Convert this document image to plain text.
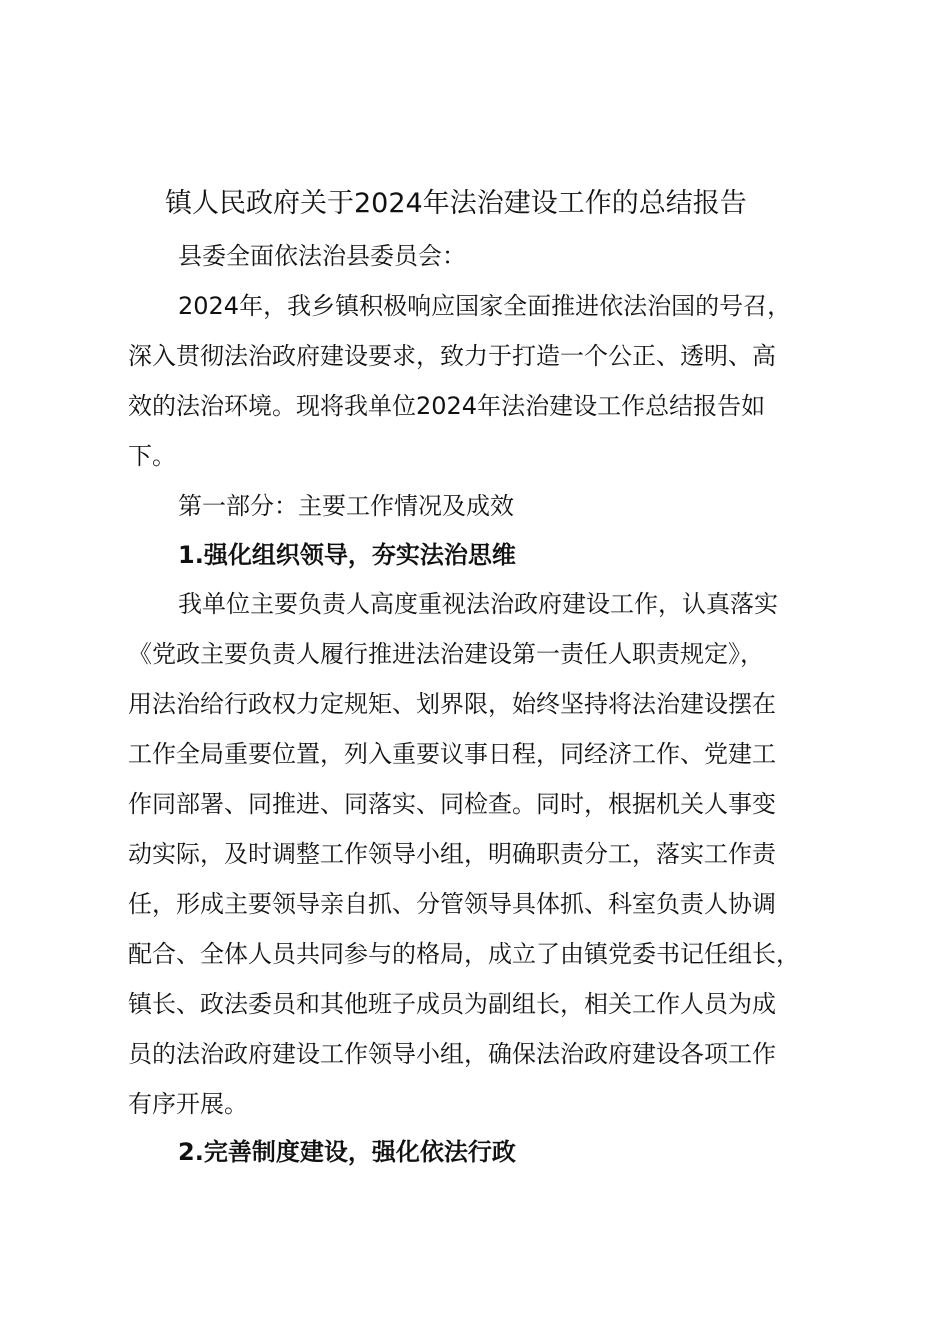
镇人民政府关于2024年法治建设工作的总结报告
县委全面依法治县委员会：
2024年，我乡镇积极响应国家全面推进依法治国的号召，
深入贯彻法治政府建设要求，致力于打造一个公正、透明、高
效的法治环境。现将我单位2024年法治建设工作总结报告如
下。
第一部分：主要工作情况及成效
1.强化组织领导，夯实法治思维
我单位主要负责人高度重视法治政府建设工作，认真落实
《党政主要负责人履行推进法治建设第一责任人职责规定》，
用法治给行政权力定规矩、划界限，始终坚持将法治建设摆在
工作全局重要位置，列入重要议事日程，同经济工作、党建工
作同部署、同推进、同落实、同检查。同时，根据机关人事变
动实际，及时调整工作领导小组，明确职责分工，落实工作责
任，形成主要领导亲自抓、分管领导具体抓、科室负责人协调
配合、全体人员共同参与的格局，成立了由镇党委书记任组长，
镇长、政法委员和其他班子成员为副组长，相关工作人员为成
员的法治政府建设工作领导小组，确保法治政府建设各项工作
有序开展。
2.完善制度建设，强化依法行政
